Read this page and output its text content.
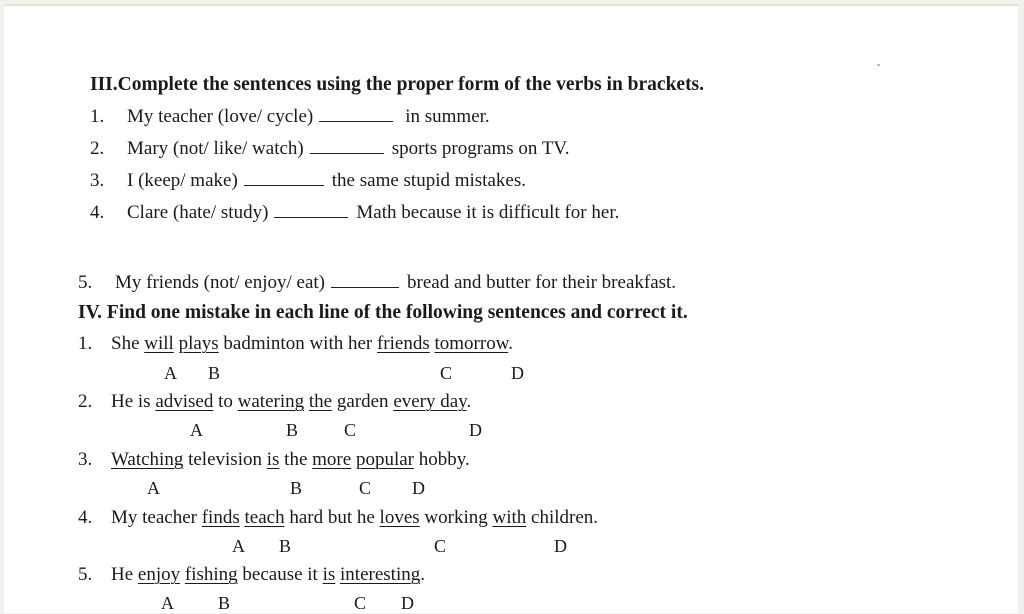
III.Complete the sentences using the proper form of the verbs in brackets.
1. My teacher (love/ cycle)	in summer.
2. Mary (not/ like/ watch)	sports programs on TV.
3. I (keep/ make)	the same stupid mistakes.
4. Clare (hate/ study)	Math because it is difficult for her.
5. My friends (not/ enjoy/ eat)	bread and butter for their breakfast.
IV. Find one mistake in each line of the following sentences and correct it.
1. She will plays badminton with her friends tomorrow.
A B	C	D
2. He is advised to watering the garden every day.
A	B	C	D
3. Watching television is the more popular hobby.
A	B	C D
4. My teacher finds teach hard but he loves working with children.
A B	C	D
5. He enjoy fishing because it is interesting.
A B	C D
